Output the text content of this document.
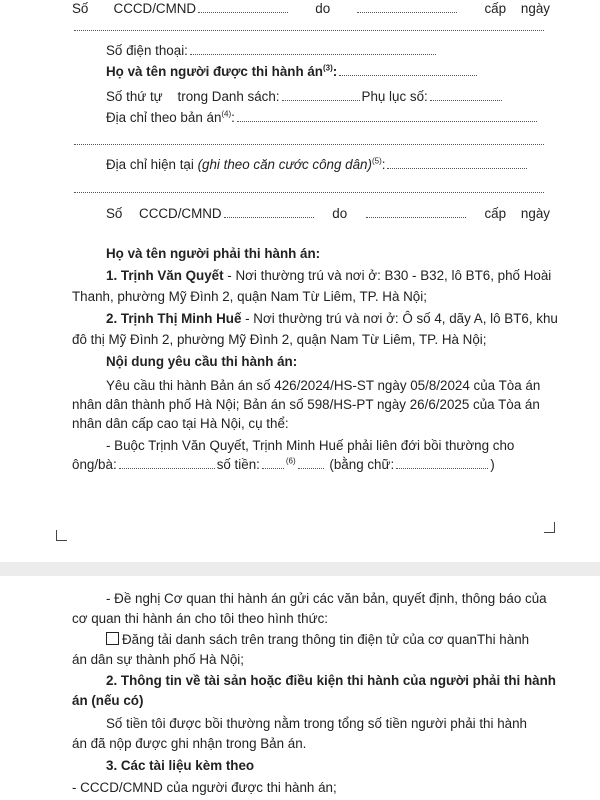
Số CCCD/CMND	do	cấp ngày
Số điện thoại:
Họ và tên người được thi hành $án^{(3)}$:
Số thứ tự trong Danh sách:	Phụ lục số:
Địa chỉ theo bản $án^{(4)}$:
Địa chỉ hiện tại (ghi theo căn cước công dân)$^{(5)}$:
Số CCCD/CMND	do	cấp ngày
Họ và tên người phải thi hành án:
1. Trịnh Văn Quyết - Nơi thường trú và nơi ở: B30 - B32, lô BT6, phố Hoài
Thanh, phường Mỹ Đình 2, quận Nam Từ Liêm, TP. Hà Nội;
2. Trịnh Thị Minh Huế - Nơi thường trú và nơi ở: Ô số 4, dãy A, lô BT6, khu
đô thị Mỹ Đình 2, phường Mỹ Đình 2, quận Nam Từ Liêm, TP. Hà Nội;
Nội dung yêu cầu thi hành án:
Yêu cầu thi hành Bản án số 426/2024/HS-ST ngày 05/8/2024 của Tòa án
nhân dân thành phố Hà Nội; Bản án số 598/HS-PT ngày 26/6/2025 của Tòa án
nhân dân cấp cao tại Hà Nội, cụ thể:
- Buộc Trịnh Văn Quyết, Trịnh Minh Huế phải liên đới bồi thường cho
ông/bà:	số tiền:	$^{(6)}$	(bằng chữ:	)
- Đề nghị Cơ quan thi hành án gửi các văn bản, quyết định, thông báo của
cơ quan thi hành án cho tôi theo hình thức:
Đăng tải danh sách trên trang thông tin điện tử của cơ quanThi hành
án dân sự thành phố Hà Nội;
2. Thông tin về tài sản hoặc điều kiện thi hành của người phải thi hành
án (nếu có)
Số tiền tôi được bồi thường nằm trong tổng số tiền người phải thi hành
án đã nộp được ghi nhận trong Bản án.
3. Các tài liệu kèm theo
- CCCD/CMND của người được thi hành án;
